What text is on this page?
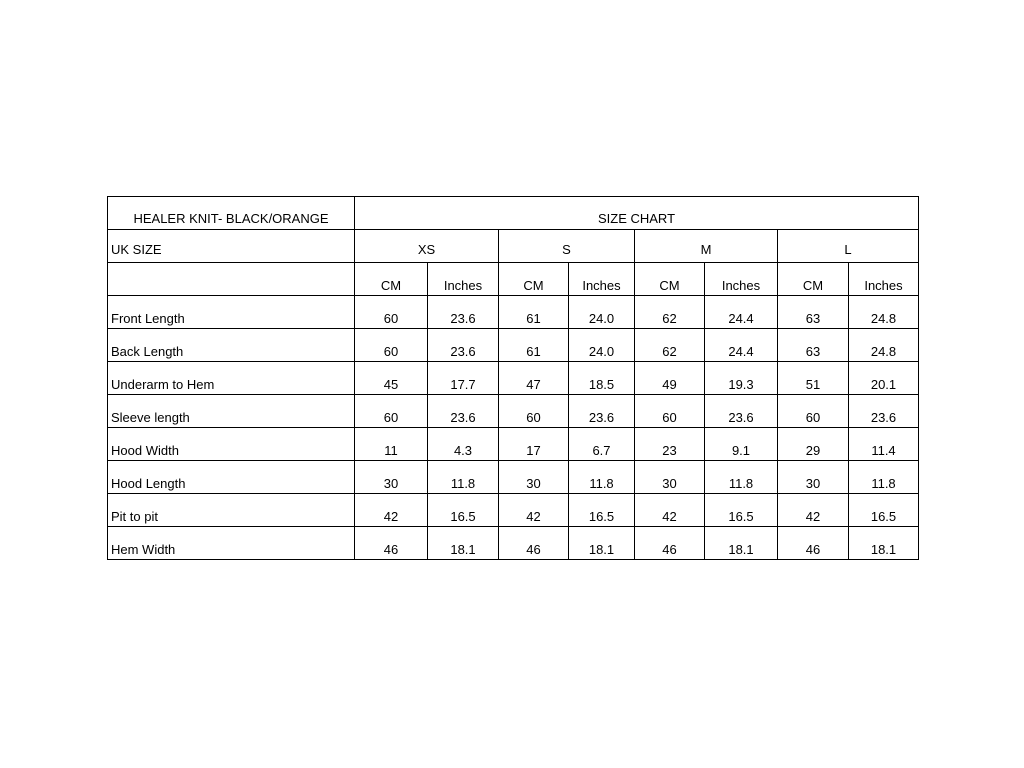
HEALER KNIT- BLACK/ORANGE	SIZE CHART							
UK SIZE	XS		S		M		L	
	CM	Inches	CM	Inches	CM	Inches	CM	Inches
Front Length	60	23.6	61	24.0	62	24.4	63	24.8
Back Length	60	23.6	61	24.0	62	24.4	63	24.8
Underarm to Hem	45	17.7	47	18.5	49	19.3	51	20.1
Sleeve length	60	23.6	60	23.6	60	23.6	60	23.6
Hood Width	11	4.3	17	6.7	23	9.1	29	11.4
Hood Length	30	11.8	30	11.8	30	11.8	30	11.8
Pit to pit	42	16.5	42	16.5	42	16.5	42	16.5
Hem Width	46	18.1	46	18.1	46	18.1	46	18.1
